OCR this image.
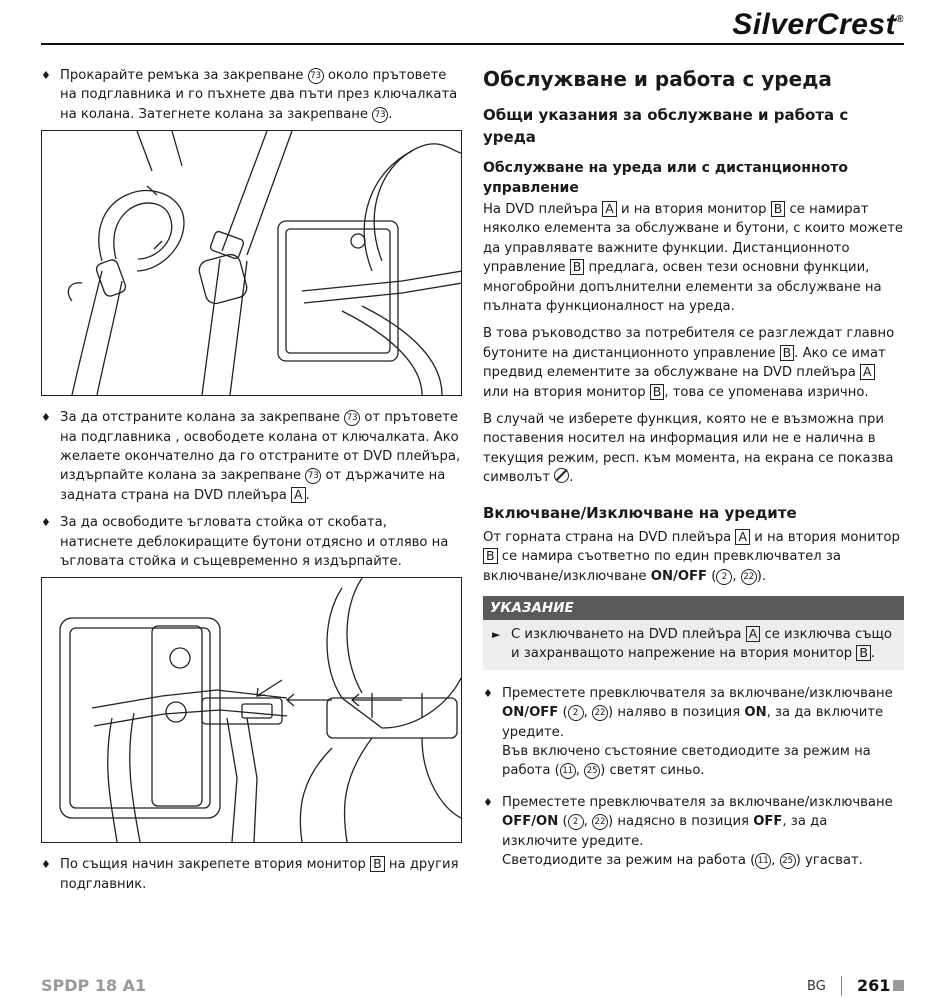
SilverCrest®
♦ Прокарайте ремъка за закрепване 73 около прътовете на подглавника и го пъхнете два пъти през ключалката на колана. Затегнете колана за закрепване 73 .
♦ За да отстраните колана за закрепване 73 от прътовете на подглавника , освободете колана от ключалката. Ако желаете окончателно да го отстраните от DVD плейъра, издърпайте колана за закрепване 73 от държачите на задната страна на DVD плейъра A .
♦ За да освободите ъгловата стойка от скобата, натиснете деблокиращите бутони отдясно и отляво на ъгловата стойка и същевременно я издърпайте.
♦ По същия начин закрепете втория монитор B на другия подглавник.
Обслужване и работа с уреда
Общи указания за обслужване и работа с уреда
Обслужване на уреда или с дистанционното управление

На DVD плейъра A и на втория монитор B се намират няколко елемента за обслужване и бутони, с които можете да управлявате важните функции. Дистанционното управление B предлага, освен тези основни функции, многобройни допълнителни елементи за обслужване на пълната функционалност на уреда.

В това ръководство за потребителя се разглеждат главно бутоните на дистанционното управление B . Ако се имат предвид елементите за обслужване на DVD плейъра A или на втория монитор B , това се упоменава изрично.

В случай че изберете функция, която не е възможна при поставения носител на информация или не е налична в текущия режим, респ. към момента, на екрана се показва символът .

Включване/Изключване на уредите

От горната страна на DVD плейъра A и на втория монитор B се намира съответно по един превключвател за включване/изключване ON/OFF ( 2 , 22 ).

УКАЗАНИЕ
► С изключването на DVD плейъра A се изключва също и захранващото напрежение на втория монитор B .
♦ Преместете превключвателя за включване/изключване ON/OFF ( 2 , 22 ) наляво в позиция ON, за да включите уредите.
Във включено състояние светодиодите за режим на работа ( 11 , 25 ) светят синьо.
♦ Преместете превключвателя за включване/изключване OFF/ON ( 2 , 22 ) надясно в позиция OFF, за да изключите уредите.
Светодиодите за режим на работа ( 11 , 25 ) угасват.
SPDP 18 A1	BG 261
